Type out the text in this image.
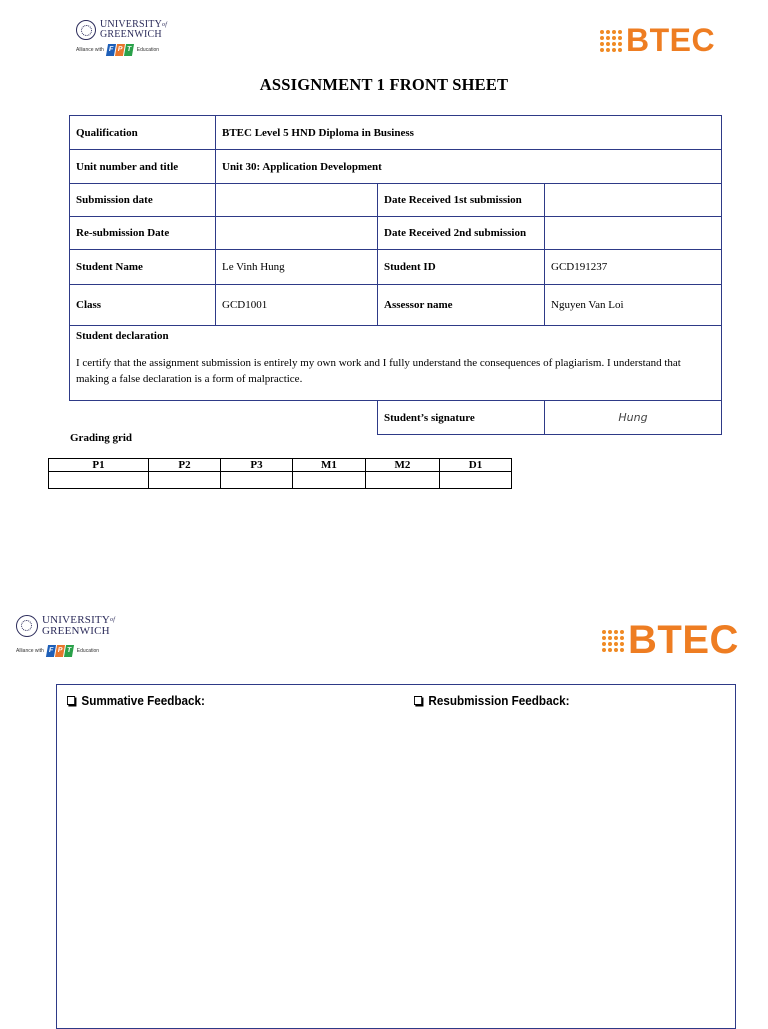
$UNIVERSITY^{of}$
GREENWICH
Alliance with F P T	Education	BTEC
ASSIGNMENT 1 FRONT SHEET
Qualification	BTEC Level 5 HND Diploma in Business		
Unit number and title	Unit 30: Application Development		
Submission date		Date Received 1st submission	
Re-submission Date		Date Received 2nd submission	
Student Name	Le Vinh Hung	Student ID	GCD191237
Class	GCD1001	Assessor name	Nguyen Van Loi

Student declaration
I certify that the assignment submission is entirely my own work and I fully understand the consequences of plagiarism. I understand that making a false declaration is a form of malpractice.			

		Student’s signature	Hung
Grading grid
P1	P2	P3	M1	M2	D1

$UNIVERSITY^{of}$
GREENWICH
Alliance with F P T	Education	BTEC
Summative Feedback:	Resubmission Feedback:
